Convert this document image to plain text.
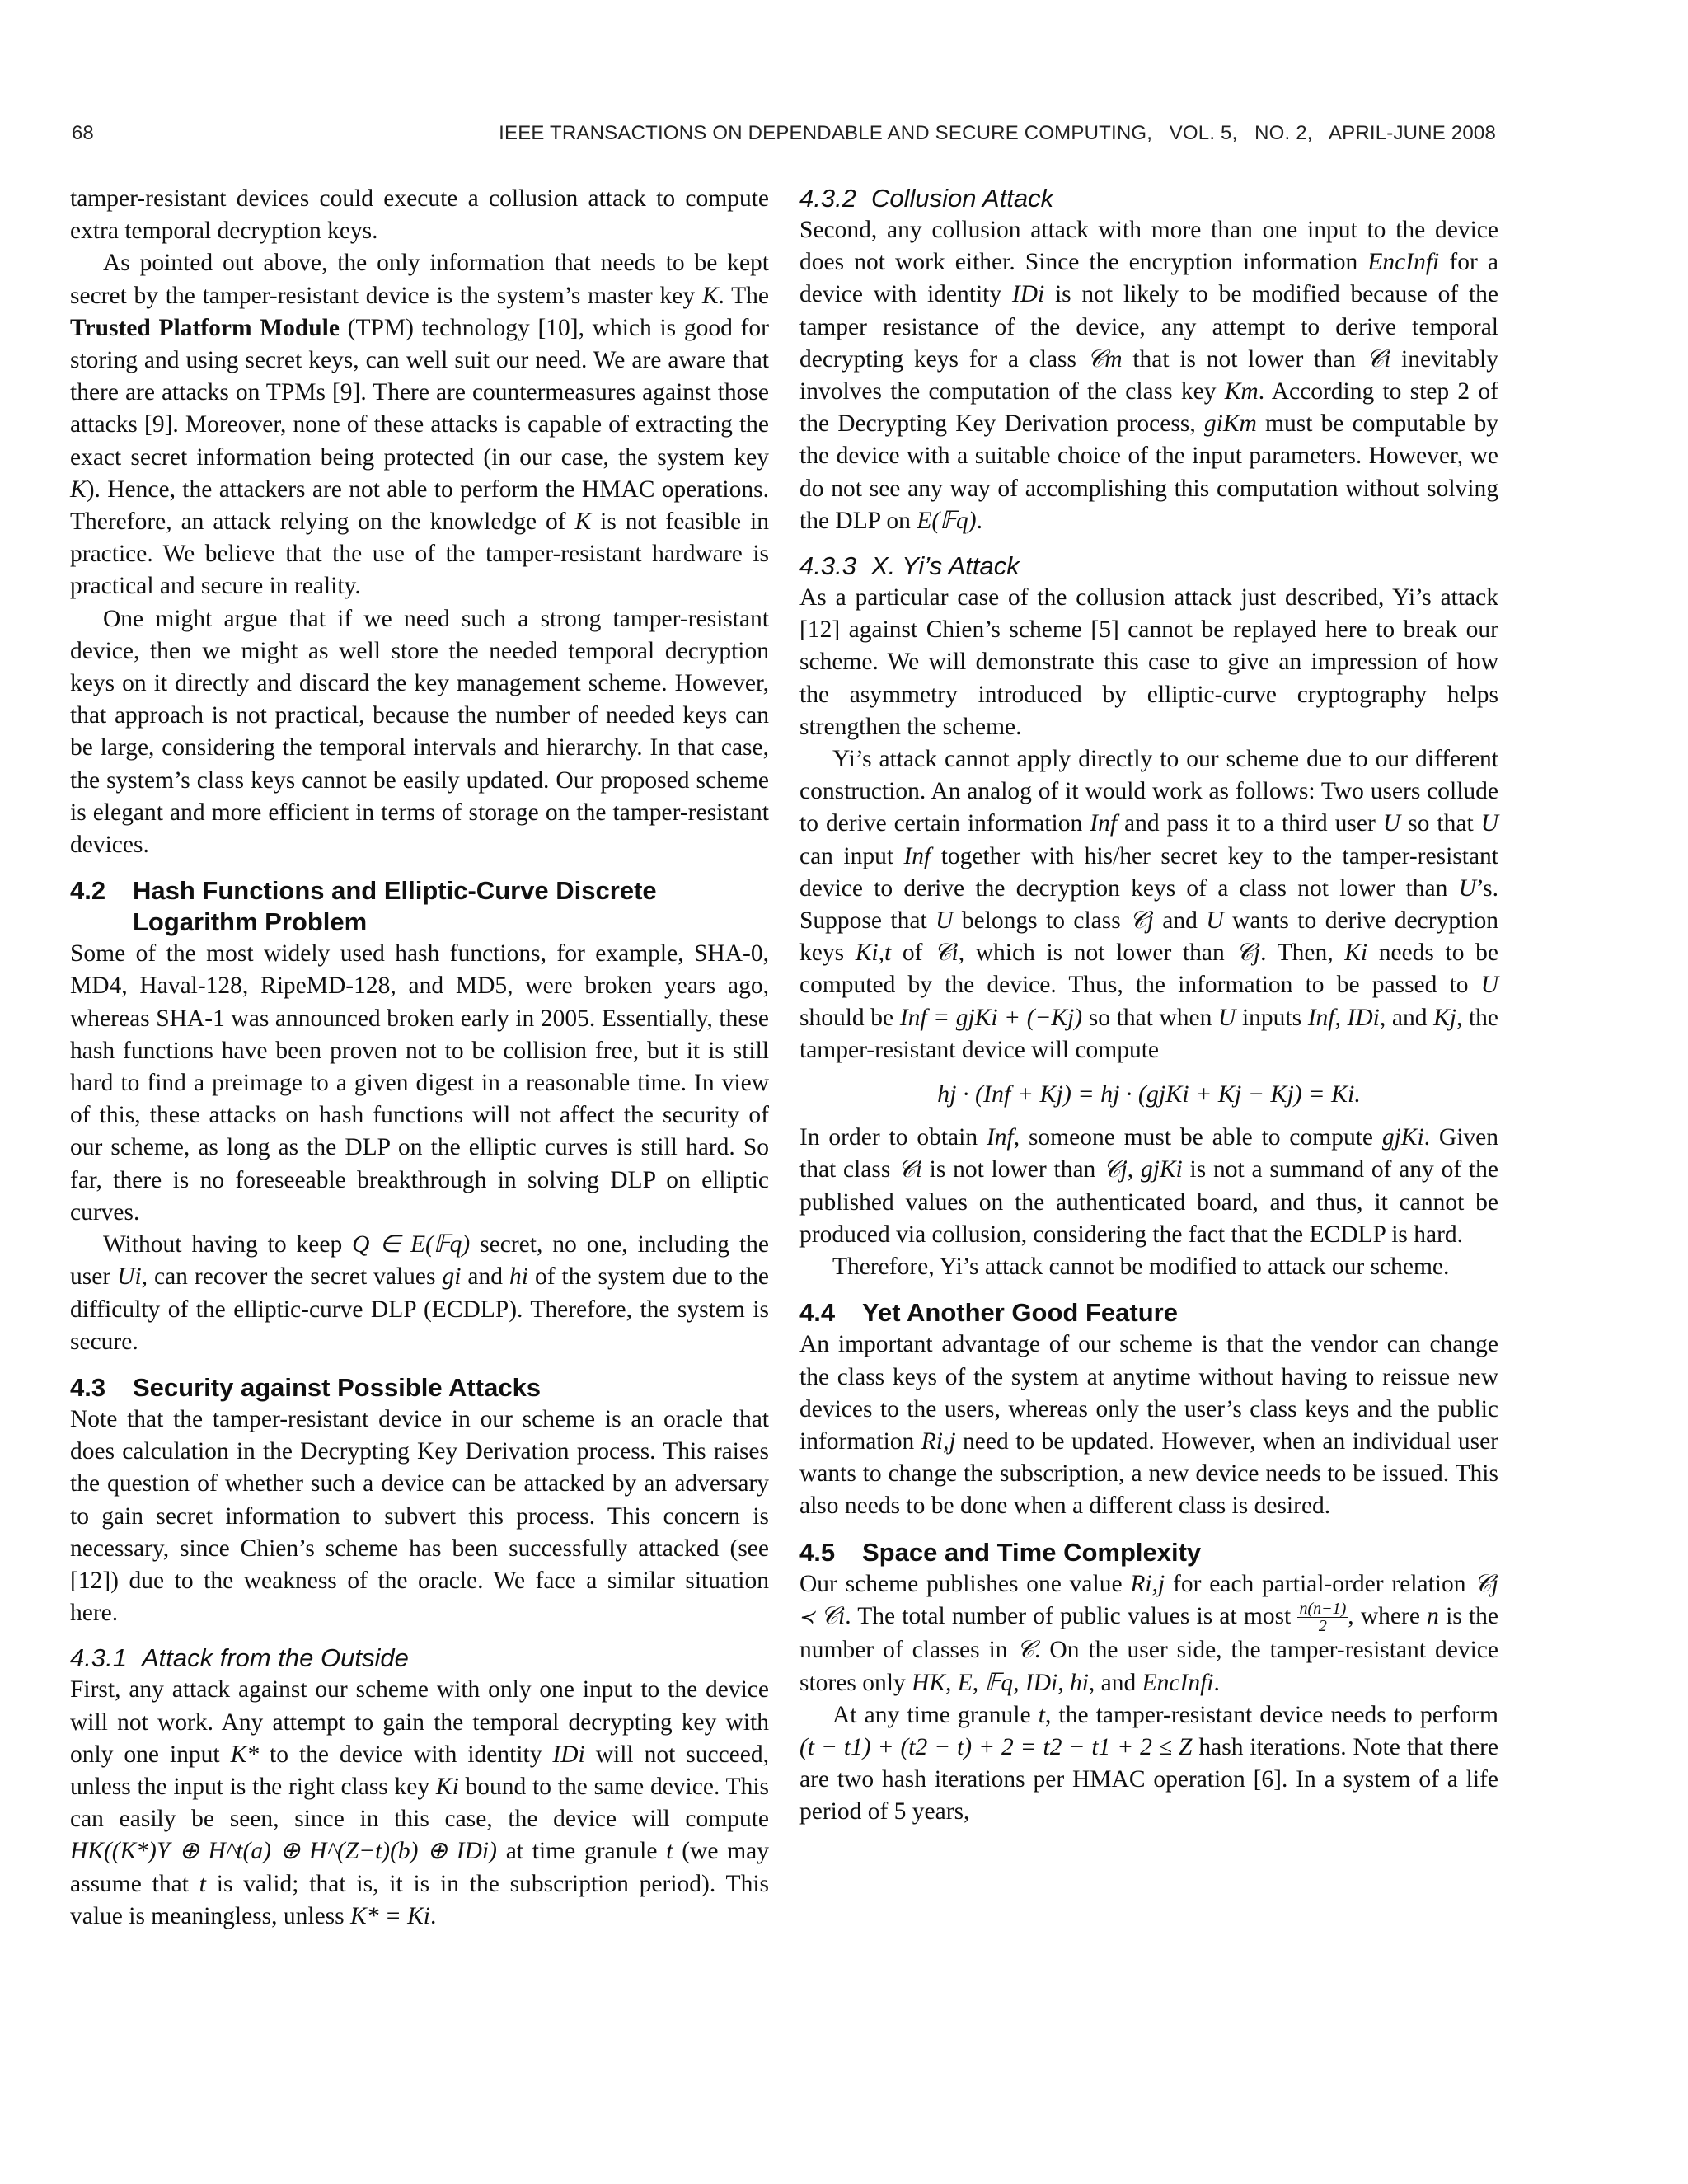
68	IEEE TRANSACTIONS ON DEPENDABLE AND SECURE COMPUTING,   VOL. 5,   NO. 2,   APRIL-JUNE 2008

tamper-resistant devices could execute a collusion attack to compute extra temporal decryption keys.

As pointed out above, the only information that needs to be kept secret by the tamper-resistant device is the system’s master key K. The Trusted Platform Module (TPM) technology [10], which is good for storing and using secret keys, can well suit our need. We are aware that there are attacks on TPMs [9]. There are countermeasures against those attacks [9]. Moreover, none of these attacks is capable of extracting the exact secret information being protected (in our case, the system key K). Hence, the attackers are not able to perform the HMAC operations. Therefore, an attack relying on the knowledge of K is not feasible in practice. We believe that the use of the tamper-resistant hardware is practical and secure in reality.

One might argue that if we need such a strong tamper-resistant device, then we might as well store the needed temporal decryption keys on it directly and discard the key management scheme. However, that approach is not practical, because the number of needed keys can be large, considering the temporal intervals and hierarchy. In that case, the system’s class keys cannot be easily updated. Our proposed scheme is elegant and more efficient in terms of storage on the tamper-resistant devices.

4.2	Hash Functions and Elliptic-Curve Discrete Logarithm Problem

Some of the most widely used hash functions, for example, SHA-0, MD4, Haval-128, RipeMD-128, and MD5, were broken years ago, whereas SHA-1 was announced broken early in 2005. Essentially, these hash functions have been proven not to be collision free, but it is still hard to find a preimage to a given digest in a reasonable time. In view of this, these attacks on hash functions will not affect the security of our scheme, as long as the DLP on the elliptic curves is still hard. So far, there is no foreseeable breakthrough in solving DLP on elliptic curves.

Without having to keep Q ∈ E(𝔽q) secret, no one, including the user Ui, can recover the secret values gi and hi of the system due to the difficulty of the elliptic-curve DLP (ECDLP). Therefore, the system is secure.

4.3	Security against Possible Attacks

Note that the tamper-resistant device in our scheme is an oracle that does calculation in the Decrypting Key Derivation process. This raises the question of whether such a device can be attacked by an adversary to gain secret information to subvert this process. This concern is necessary, since Chien’s scheme has been successfully attacked (see [12]) due to the weakness of the oracle. We face a similar situation here.

4.3.1 Attack from the Outside

First, any attack against our scheme with only one input to the device will not work. Any attempt to gain the temporal decrypting key with only one input K* to the device with identity IDi will not succeed, unless the input is the right class key Ki bound to the same device. This can easily be seen, since in this case, the device will compute HK((K*)Y ⊕ H^t(a) ⊕ H^(Z−t)(b) ⊕ IDi) at time granule t (we may assume that t is valid; that is, it is in the subscription period). This value is meaningless, unless K* = Ki.

4.3.2 Collusion Attack

Second, any collusion attack with more than one input to the device does not work either. Since the encryption information EncInfi for a device with identity IDi is not likely to be modified because of the tamper resistance of the device, any attempt to derive temporal decrypting keys for a class 𝒞m that is not lower than 𝒞i inevitably involves the computation of the class key Km. According to step 2 of the Decrypting Key Derivation process, giKm must be computable by the device with a suitable choice of the input parameters. However, we do not see any way of accomplishing this computation without solving the DLP on E(𝔽q).

4.3.3 X. Yi’s Attack

As a particular case of the collusion attack just described, Yi’s attack [12] against Chien’s scheme [5] cannot be replayed here to break our scheme. We will demonstrate this case to give an impression of how the asymmetry introduced by elliptic-curve cryptography helps strengthen the scheme.

Yi’s attack cannot apply directly to our scheme due to our different construction. An analog of it would work as follows: Two users collude to derive certain information Inf and pass it to a third user U so that U can input Inf together with his/her secret key to the tamper-resistant device to derive the decryption keys of a class not lower than U’s. Suppose that U belongs to class 𝒞j and U wants to derive decryption keys Ki,t of 𝒞i, which is not lower than 𝒞j. Then, Ki needs to be computed by the device. Thus, the information to be passed to U should be Inf = gjKi + (−Kj) so that when U inputs Inf, IDi, and Kj, the tamper-resistant device will compute

hj · (Inf + Kj) = hj · (gjKi + Kj − Kj) = Ki.

In order to obtain Inf, someone must be able to compute gjKi. Given that class 𝒞i is not lower than 𝒞j, gjKi is not a summand of any of the published values on the authenticated board, and thus, it cannot be produced via collusion, considering the fact that the ECDLP is hard.

Therefore, Yi’s attack cannot be modified to attack our scheme.

4.4	Yet Another Good Feature

An important advantage of our scheme is that the vendor can change the class keys of the system at anytime without having to reissue new devices to the users, whereas only the user’s class keys and the public information Ri,j need to be updated. However, when an individual user wants to change the subscription, a new device needs to be issued. This also needs to be done when a different class is desired.

4.5	Space and Time Complexity

Our scheme publishes one value Ri,j for each partial-order relation 𝒞j ≺ 𝒞i. The total number of public values is at most $\frac{n(n-1)}{2}$ , where n is the number of classes in 𝒞. On the user side, the tamper-resistant device stores only HK, E, 𝔽q, IDi, hi, and EncInfi.

At any time granule t, the tamper-resistant device needs to perform (t − t1) + (t2 − t) + 2 = t2 − t1 + 2 ≤ Z hash iterations. Note that there are two hash iterations per HMAC operation [6]. In a system of a life period of 5 years,
